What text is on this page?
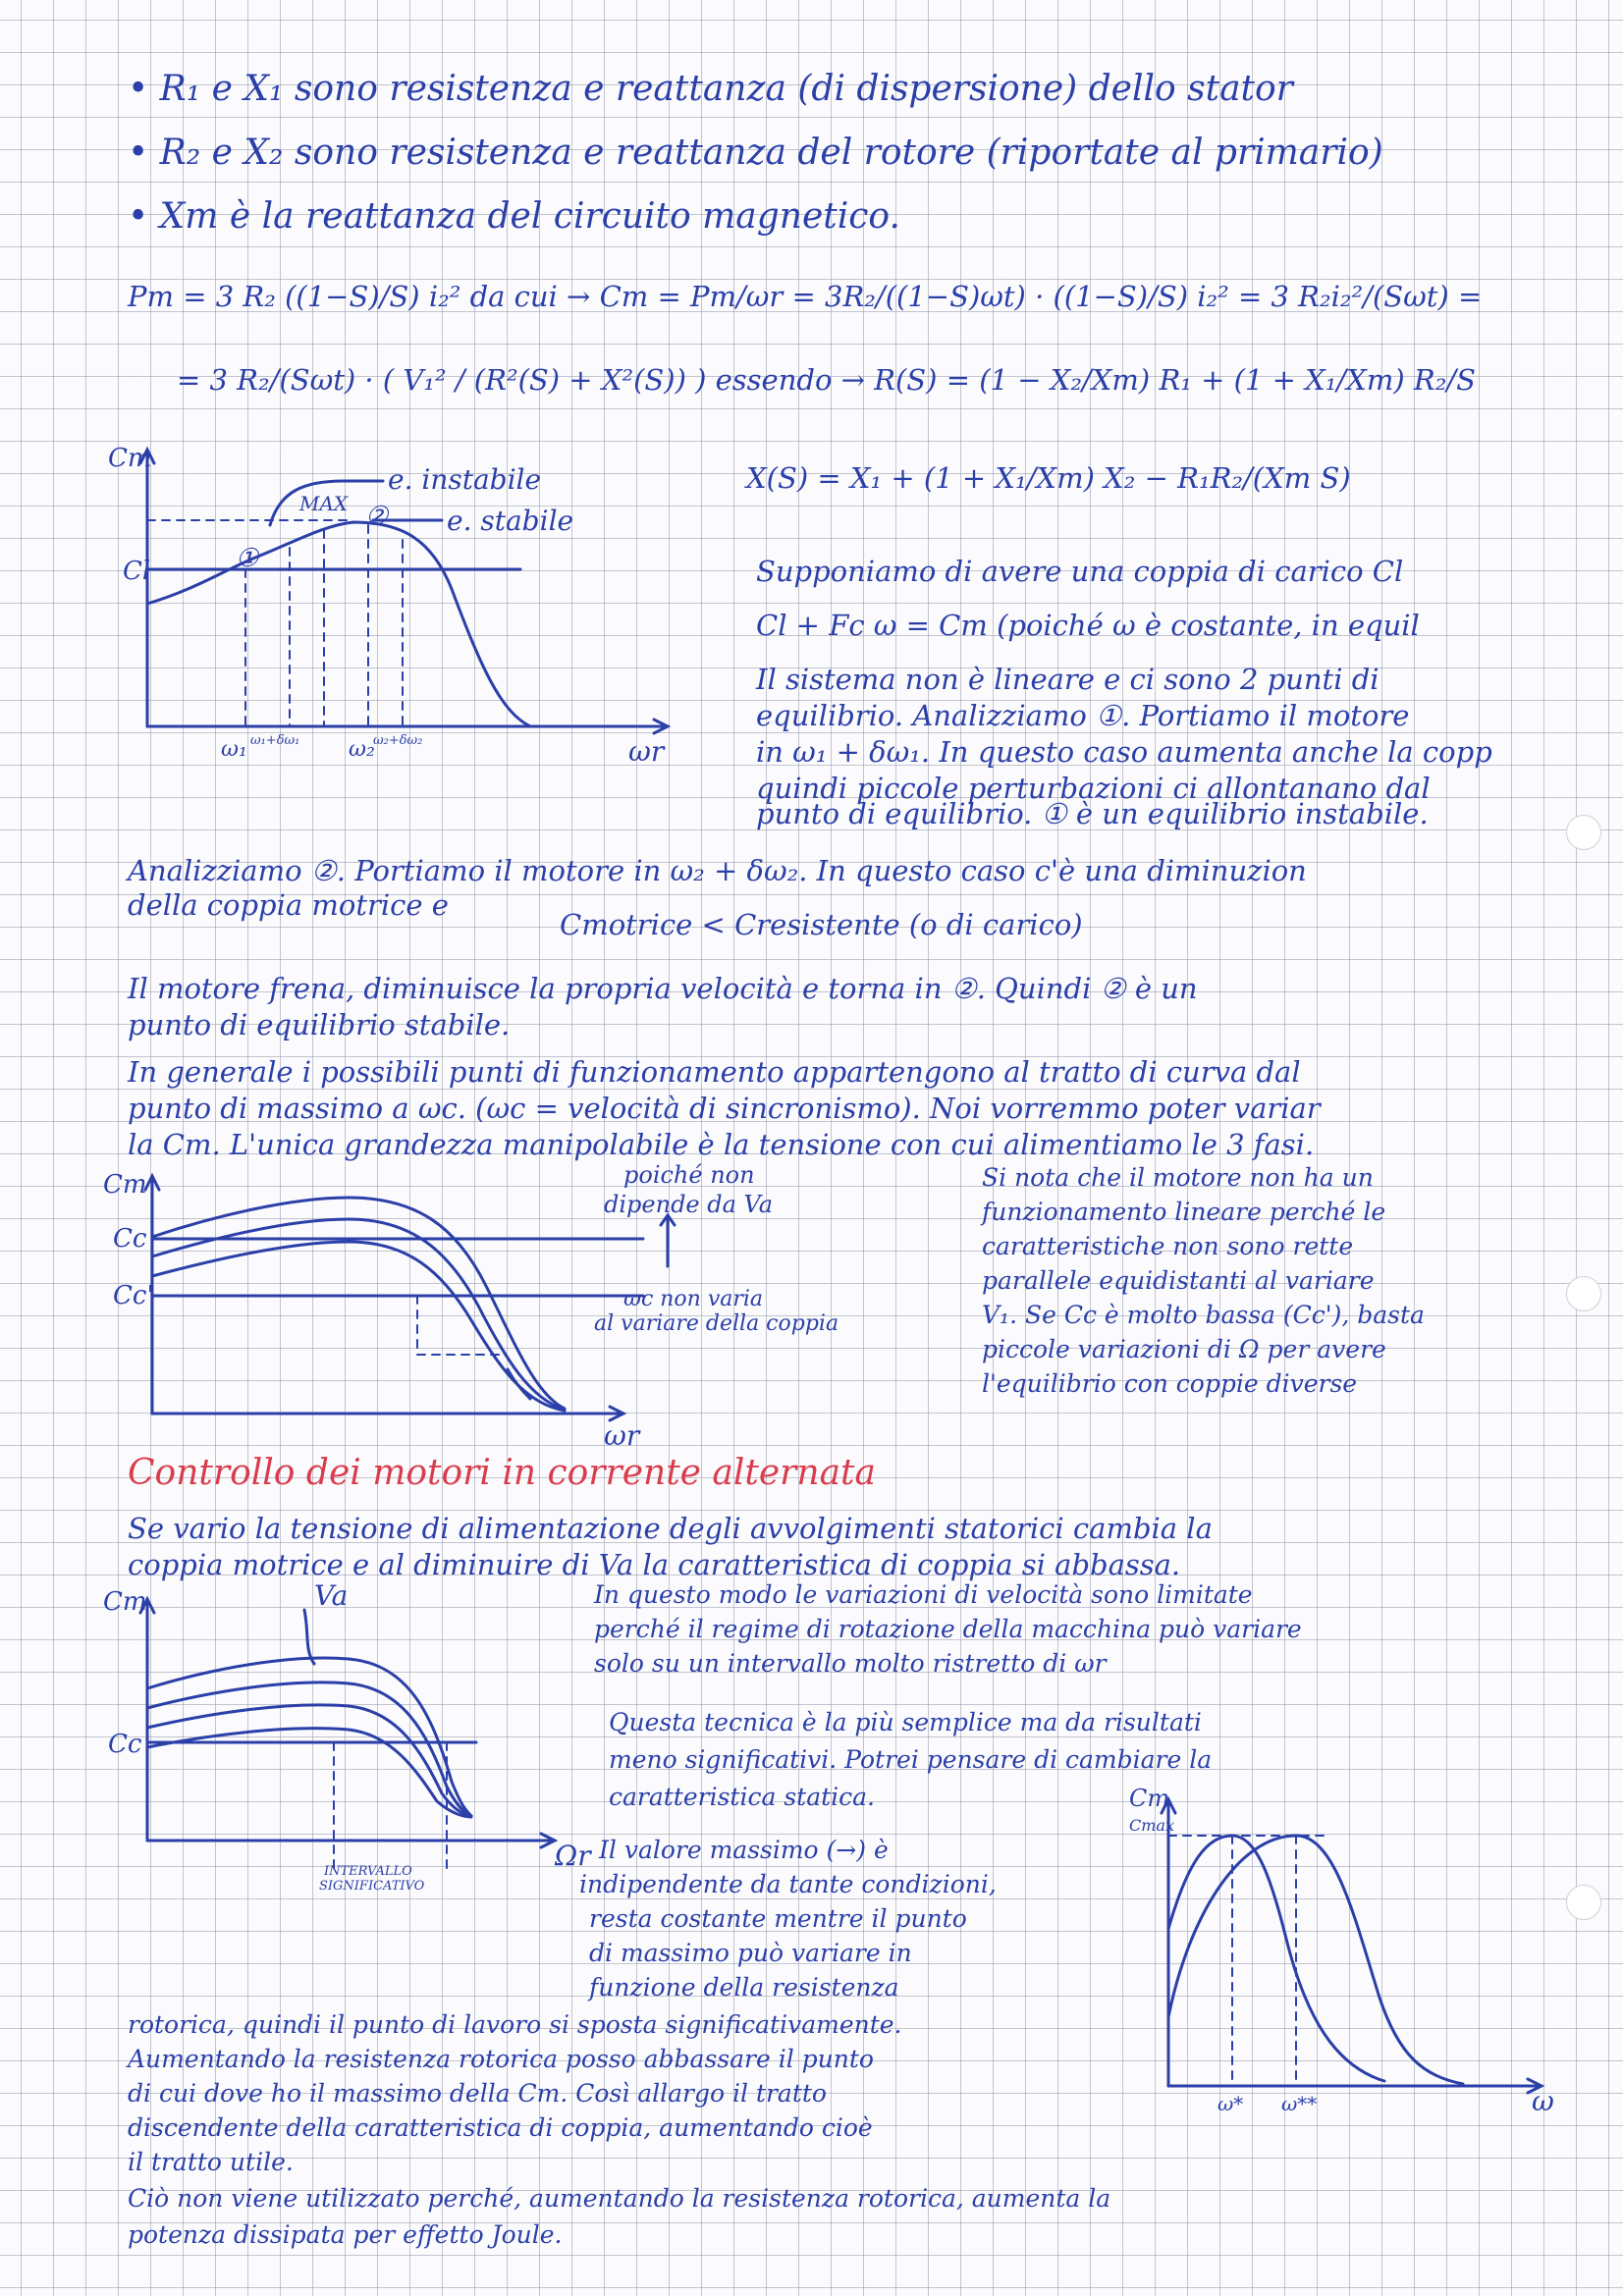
• R₁ e X₁ sono resistenza e reattanza (di dispersione) dello stator
• R₂ e X₂ sono resistenza e reattanza del rotore (riportate al primario)
• Xm è la reattanza del circuito magnetico.
Pm = 3 R₂ ((1−S)/S) i₂² da cui → Cm = Pm/ωr = 3R₂/((1−S)ωt) · ((1−S)/S) i₂² = 3 R₂i₂²/(Sωt) =
= 3 R₂/(Sωt) · ( V₁² / (R²(S) + X²(S)) ) essendo → R(S) = (1 − X₂/Xm) R₁ + (1 + X₁/Xm) R₂/S
X(S) = X₁ + (1 + X₁/Xm) X₂ − R₁R₂/(Xm S)
Cm
Cl
MAX
e. instabile
e. stabile
①
②
ω₁ ω₁+δω₁ ω₂
ω₂+δω₂	ωr
Supponiamo di avere una coppia di carico Cl
Cl + Fc ω = Cm (poiché ω è costante, in equil
Il sistema non è lineare e ci sono 2 punti di
equilibrio. Analizziamo ①. Portiamo il motore
in ω₁ + δω₁. In questo caso aumenta anche la copp
quindi piccole perturbazioni ci allontanano dal
punto di equilibrio. ① è un equilibrio instabile.
Analizziamo ②. Portiamo il motore in ω₂ + δω₂. In questo caso c'è una diminuzion
della coppia motrice e
Cmotrice < Cresistente (o di carico)
Il motore frena, diminuisce la propria velocità e torna in ②. Quindi ② è un
punto di equilibrio stabile.
In generale i possibili punti di funzionamento appartengono al tratto di curva dal
punto di massimo a ωc. (ωc = velocità di sincronismo). Noi vorremmo poter variar
la Cm. L'unica grandezza manipolabile è la tensione con cui alimentiamo le 3 fasi.
Cm
Cc
Cc'
ωr
poiché non
dipende da Va
ωc non varia
al variare della coppia
Si nota che il motore non ha un
funzionamento lineare perché le
caratteristiche non sono rette
parallele equidistanti al variare
V₁. Se Cc è molto bassa (Cc'), basta
piccole variazioni di Ω per avere
l'equilibrio con coppie diverse
Controllo dei motori in corrente alternata
Se vario la tensione di alimentazione degli avvolgimenti statorici cambia la
coppia motrice e al diminuire di Va la caratteristica di coppia si abbassa.
Cm
Cc
Va
Ωr
INTERVALLO
SIGNIFICATIVO
In questo modo le variazioni di velocità sono limitate
perché il regime di rotazione della macchina può variare
solo su un intervallo molto ristretto di ωr
Questa tecnica è la più semplice ma da risultati
meno significativi. Potrei pensare di cambiare la
caratteristica statica.
Il valore massimo (→) è
indipendente da tante condizioni,
resta costante mentre il punto
di massimo può variare in
funzione della resistenza
rotorica, quindi il punto di lavoro si sposta significativamente.
Aumentando la resistenza rotorica posso abbassare il punto
di cui dove ho il massimo della Cm. Così allargo il tratto
discendente della caratteristica di coppia, aumentando cioè
il tratto utile.
Ciò non viene utilizzato perché, aumentando la resistenza rotorica, aumenta la
potenza dissipata per effetto Joule.
Cm
Cmax
ω* ω**	ω
